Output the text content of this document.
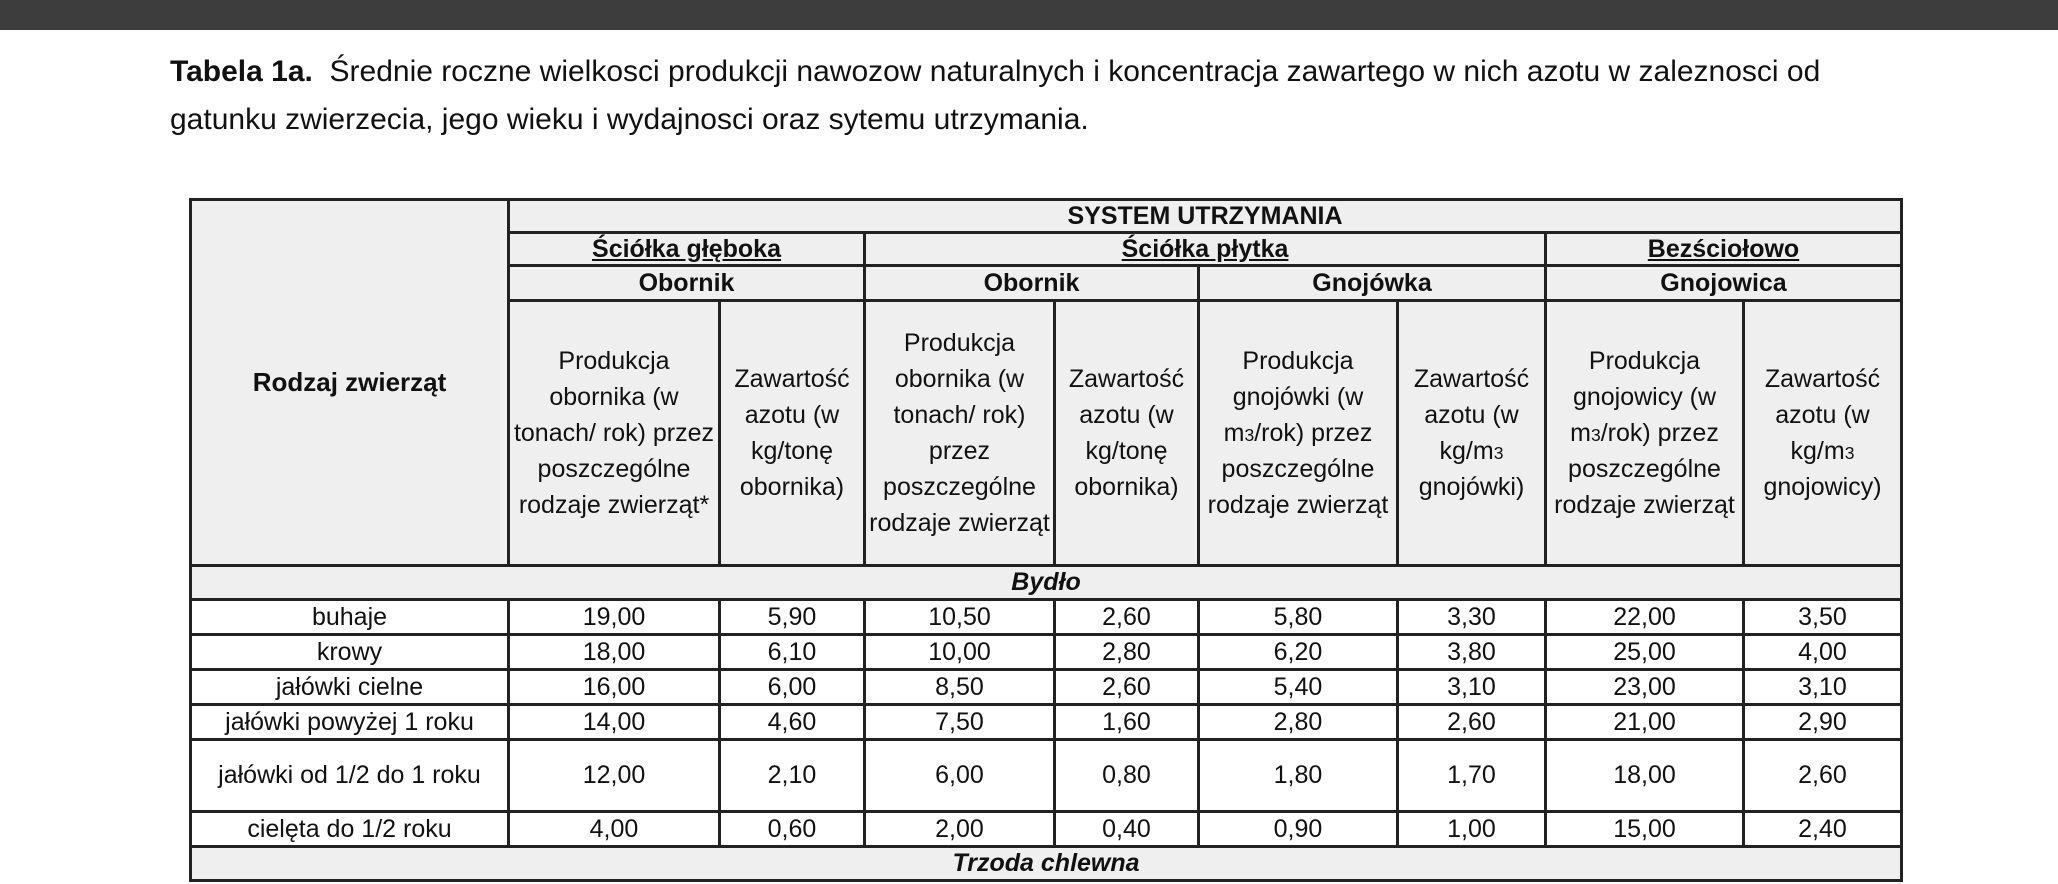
Tabela 1a. Średnie roczne wielkosci produkcji nawozow naturalnych i koncentracja zawartego w nich azotu w zaleznosci od gatunku zwierzecia, jego wieku i wydajnosci oraz sytemu utrzymania.
Rodzaj zwierząt	SYSTEM UTRZYMANIA							
	Ściółka głęboka		Ściółka płytka				Bezściołowo	
	Obornik		Obornik		Gnojówka		Gnojowica	
	Produkcja obornika (w tonach/ rok) przez poszczególne rodzaje zwierząt*	Zawartość azotu (w kg/tonę obornika)	Produkcja obornika (w tonach/ rok) przez poszczególne rodzaje zwierząt	Zawartość azotu (w kg/tonę obornika)	Produkcja gnojówki (w $m^3/rok$) przez poszczególne rodzaje zwierząt	Zawartość azotu (w $kg/m^3$ gnojówki)	Produkcja gnojowicy (w $m^3/rok$) przez poszczególne rodzaje zwierząt	Zawartość azotu (w $kg/m^3$ gnojowicy)
Bydło								
buhaje	19,00	5,90	10,50	2,60	5,80	3,30	22,00	3,50
krowy	18,00	6,10	10,00	2,80	6,20	3,80	25,00	4,00
jałówki cielne	16,00	6,00	8,50	2,60	5,40	3,10	23,00	3,10
jałówki powyżej 1 roku	14,00	4,60	7,50	1,60	2,80	2,60	21,00	2,90
jałówki od 1/2 do 1 roku	12,00	2,10	6,00	0,80	1,80	1,70	18,00	2,60
cielęta do 1/2 roku	4,00	0,60	2,00	0,40	0,90	1,00	15,00	2,40
Trzoda chlewna								
